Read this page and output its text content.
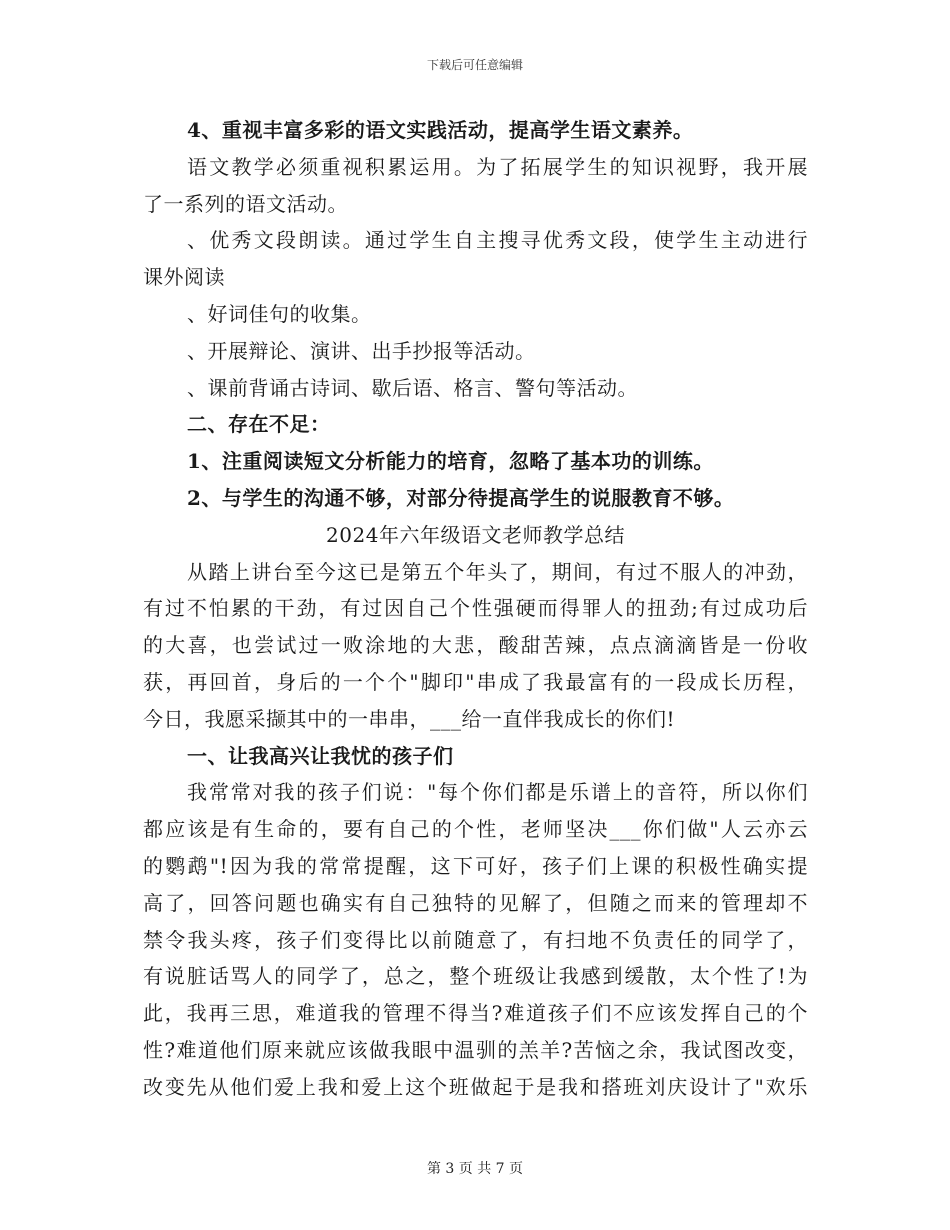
下载后可任意编辑
4、重视丰富多彩的语文实践活动，提高学生语文素养。
语文教学必须重视积累运用。为了拓展学生的知识视野，我开展
了一系列的语文活动。
、优秀文段朗读。通过学生自主搜寻优秀文段，使学生主动进行
课外阅读
、好词佳句的收集。
、开展辩论、演讲、出手抄报等活动。
、课前背诵古诗词、歇后语、格言、警句等活动。
二、存在不足：
1、注重阅读短文分析能力的培育，忽略了基本功的训练。
2、与学生的沟通不够，对部分待提高学生的说服教育不够。
2024年六年级语文老师教学总结
从踏上讲台至今这已是第五个年头了，期间，有过不服人的冲劲，
有过不怕累的干劲，有过因自己个性强硬而得罪人的扭劲;有过成功后
的大喜，也尝试过一败涂地的大悲，酸甜苦辣，点点滴滴皆是一份收
获，再回首，身后的一个个"脚印"串成了我最富有的一段成长历程，
今日，我愿采撷其中的一串串，___给一直伴我成长的你们!
一、让我高兴让我忧的孩子们
我常常对我的孩子们说："每个你们都是乐谱上的音符，所以你们
都应该是有生命的，要有自己的个性，老师坚决___你们做"人云亦云
的鹦鹉"!因为我的常常提醒，这下可好，孩子们上课的积极性确实提
高了，回答问题也确实有自己独特的见解了，但随之而来的管理却不
禁令我头疼，孩子们变得比以前随意了，有扫地不负责任的同学了，
有说脏话骂人的同学了，总之，整个班级让我感到缓散，太个性了!为
此，我再三思，难道我的管理不得当?难道孩子们不应该发挥自己的个
性?难道他们原来就应该做我眼中温驯的羔羊?苦恼之余，我试图改变，
改变先从他们爱上我和爱上这个班做起于是我和搭班刘庆设计了"欢乐
第 3 页 共 7 页
